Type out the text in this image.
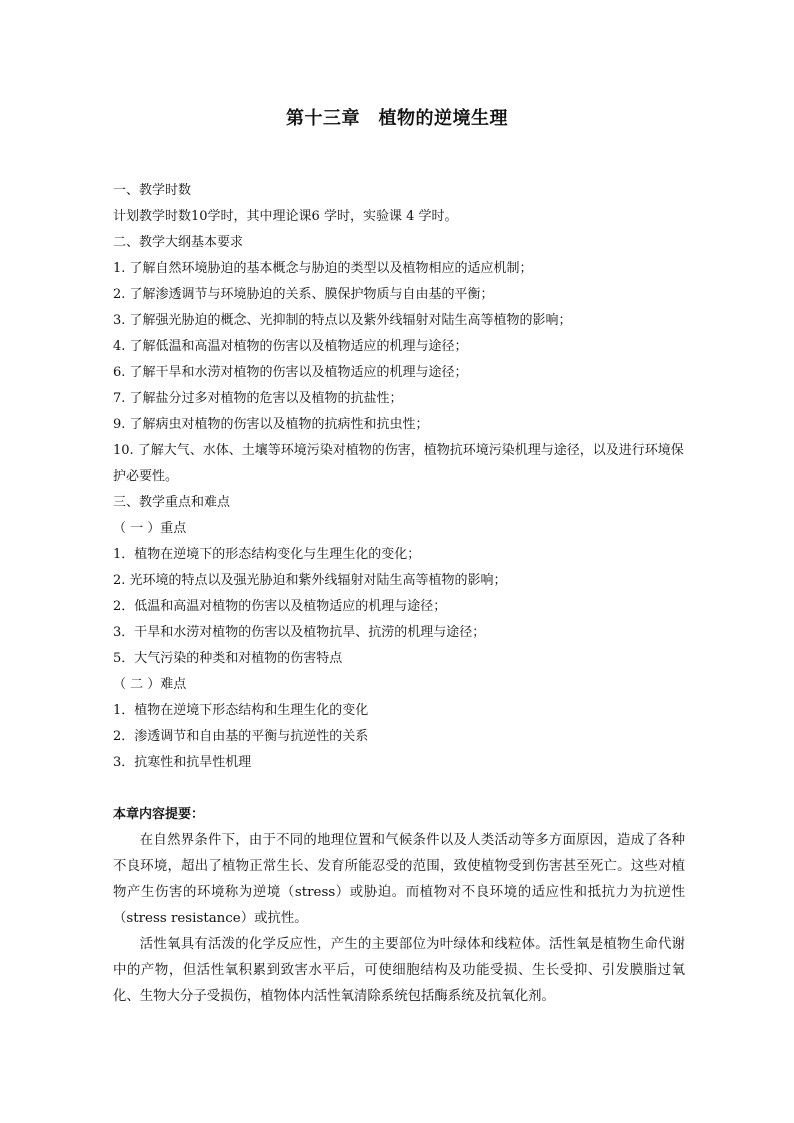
第十三章　植物的逆境生理
一、教学时数
计划教学时数10学时，其中理论课6 学时，实验课 4 学时。
二、教学大纲基本要求
1. 了解自然环境胁迫的基本概念与胁迫的类型以及植物相应的适应机制；
2. 了解渗透调节与环境胁迫的关系、膜保护物质与自由基的平衡；
3. 了解强光胁迫的概念、光抑制的特点以及紫外线辐射对陆生高等植物的影响；
4. 了解低温和高温对植物的伤害以及植物适应的机理与途径；
6. 了解干旱和水涝对植物的伤害以及植物适应的机理与途径；
7. 了解盐分过多对植物的危害以及植物的抗盐性；
9. 了解病虫对植物的伤害以及植物的抗病性和抗虫性；
10. 了解大气、水体、土壤等环境污染对植物的伤害，植物抗环境污染机理与途径，以及进行环境保护必要性。
三、教学重点和难点
（ 一 ）重点
1．植物在逆境下的形态结构变化与生理生化的变化；
2. 光环境的特点以及强光胁迫和紫外线辐射对陆生高等植物的影响；
2．低温和高温对植物的伤害以及植物适应的机理与途径；
3．干旱和水涝对植物的伤害以及植物抗旱、抗涝的机理与途径；
5．大气污染的种类和对植物的伤害特点
（ 二 ）难点
1．植物在逆境下形态结构和生理生化的变化
2．渗透调节和自由基的平衡与抗逆性的关系
3．抗寒性和抗旱性机理
本章内容提要：
在自然界条件下，由于不同的地理位置和气候条件以及人类活动等多方面原因，造成了各种不良环境，超出了植物正常生长、发育所能忍受的范围，致使植物受到伤害甚至死亡。这些对植物产生伤害的环境称为逆境（stress）或胁迫。而植物对不良环境的适应性和抵抗力为抗逆性（stress resistance）或抗性。
活性氧具有活泼的化学反应性，产生的主要部位为叶绿体和线粒体。活性氧是植物生命代谢中的产物，但活性氧积累到致害水平后，可使细胞结构及功能受损、生长受抑、引发膜脂过氧化、生物大分子受损伤，植物体内活性氧清除系统包括酶系统及抗氧化剂。
